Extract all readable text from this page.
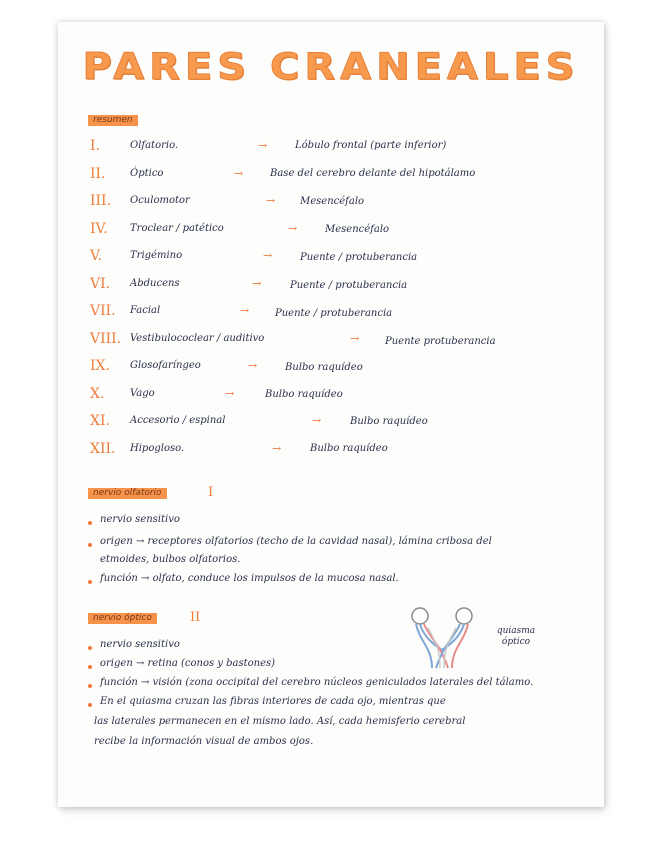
PARES CRANEALES
resumen
I.	Olfatorio.	→	Lóbulo frontal (parte inferior)
II.	Óptico	→	Base del cerebro delante del hipotálamo
III.	Oculomotor	→ Mesencéfalo
IV.	Troclear / patético	→	Mesencéfalo
V.	Trigémino	→	Puente / protuberancia
VI.	Abducens	→	Puente / protuberancia
VII. Facial	→	Puente / protuberancia
VIII. Vestibulococlear / auditivo	→	Puente protuberancia
IX.	Glosofaríngeo	→	Bulbo raquídeo
X.	Vago	→	Bulbo raquídeo
XI.	Accesorio / espinal	→	Bulbo raquídeo
XII. Hipogloso.	→	Bulbo raquídeo
nervio olfatorio	I
nervio sensitivo
origen → receptores olfatorios (techo de la cavidad nasal), lámina cribosa del
etmoides, bulbos olfatorios.
función → olfato, conduce los impulsos de la mucosa nasal.
nervio óptico	II
quiasma óptico
nervio sensitivo
origen → retina (conos y bastones)
función → visión (zona occipital del cerebro núcleos geniculados laterales del tálamo.
En el quiasma cruzan las fibras interiores de cada ojo, mientras que
las laterales permanecen en el mismo lado. Así, cada hemisferio cerebral
recibe la información visual de ambos ojos.
